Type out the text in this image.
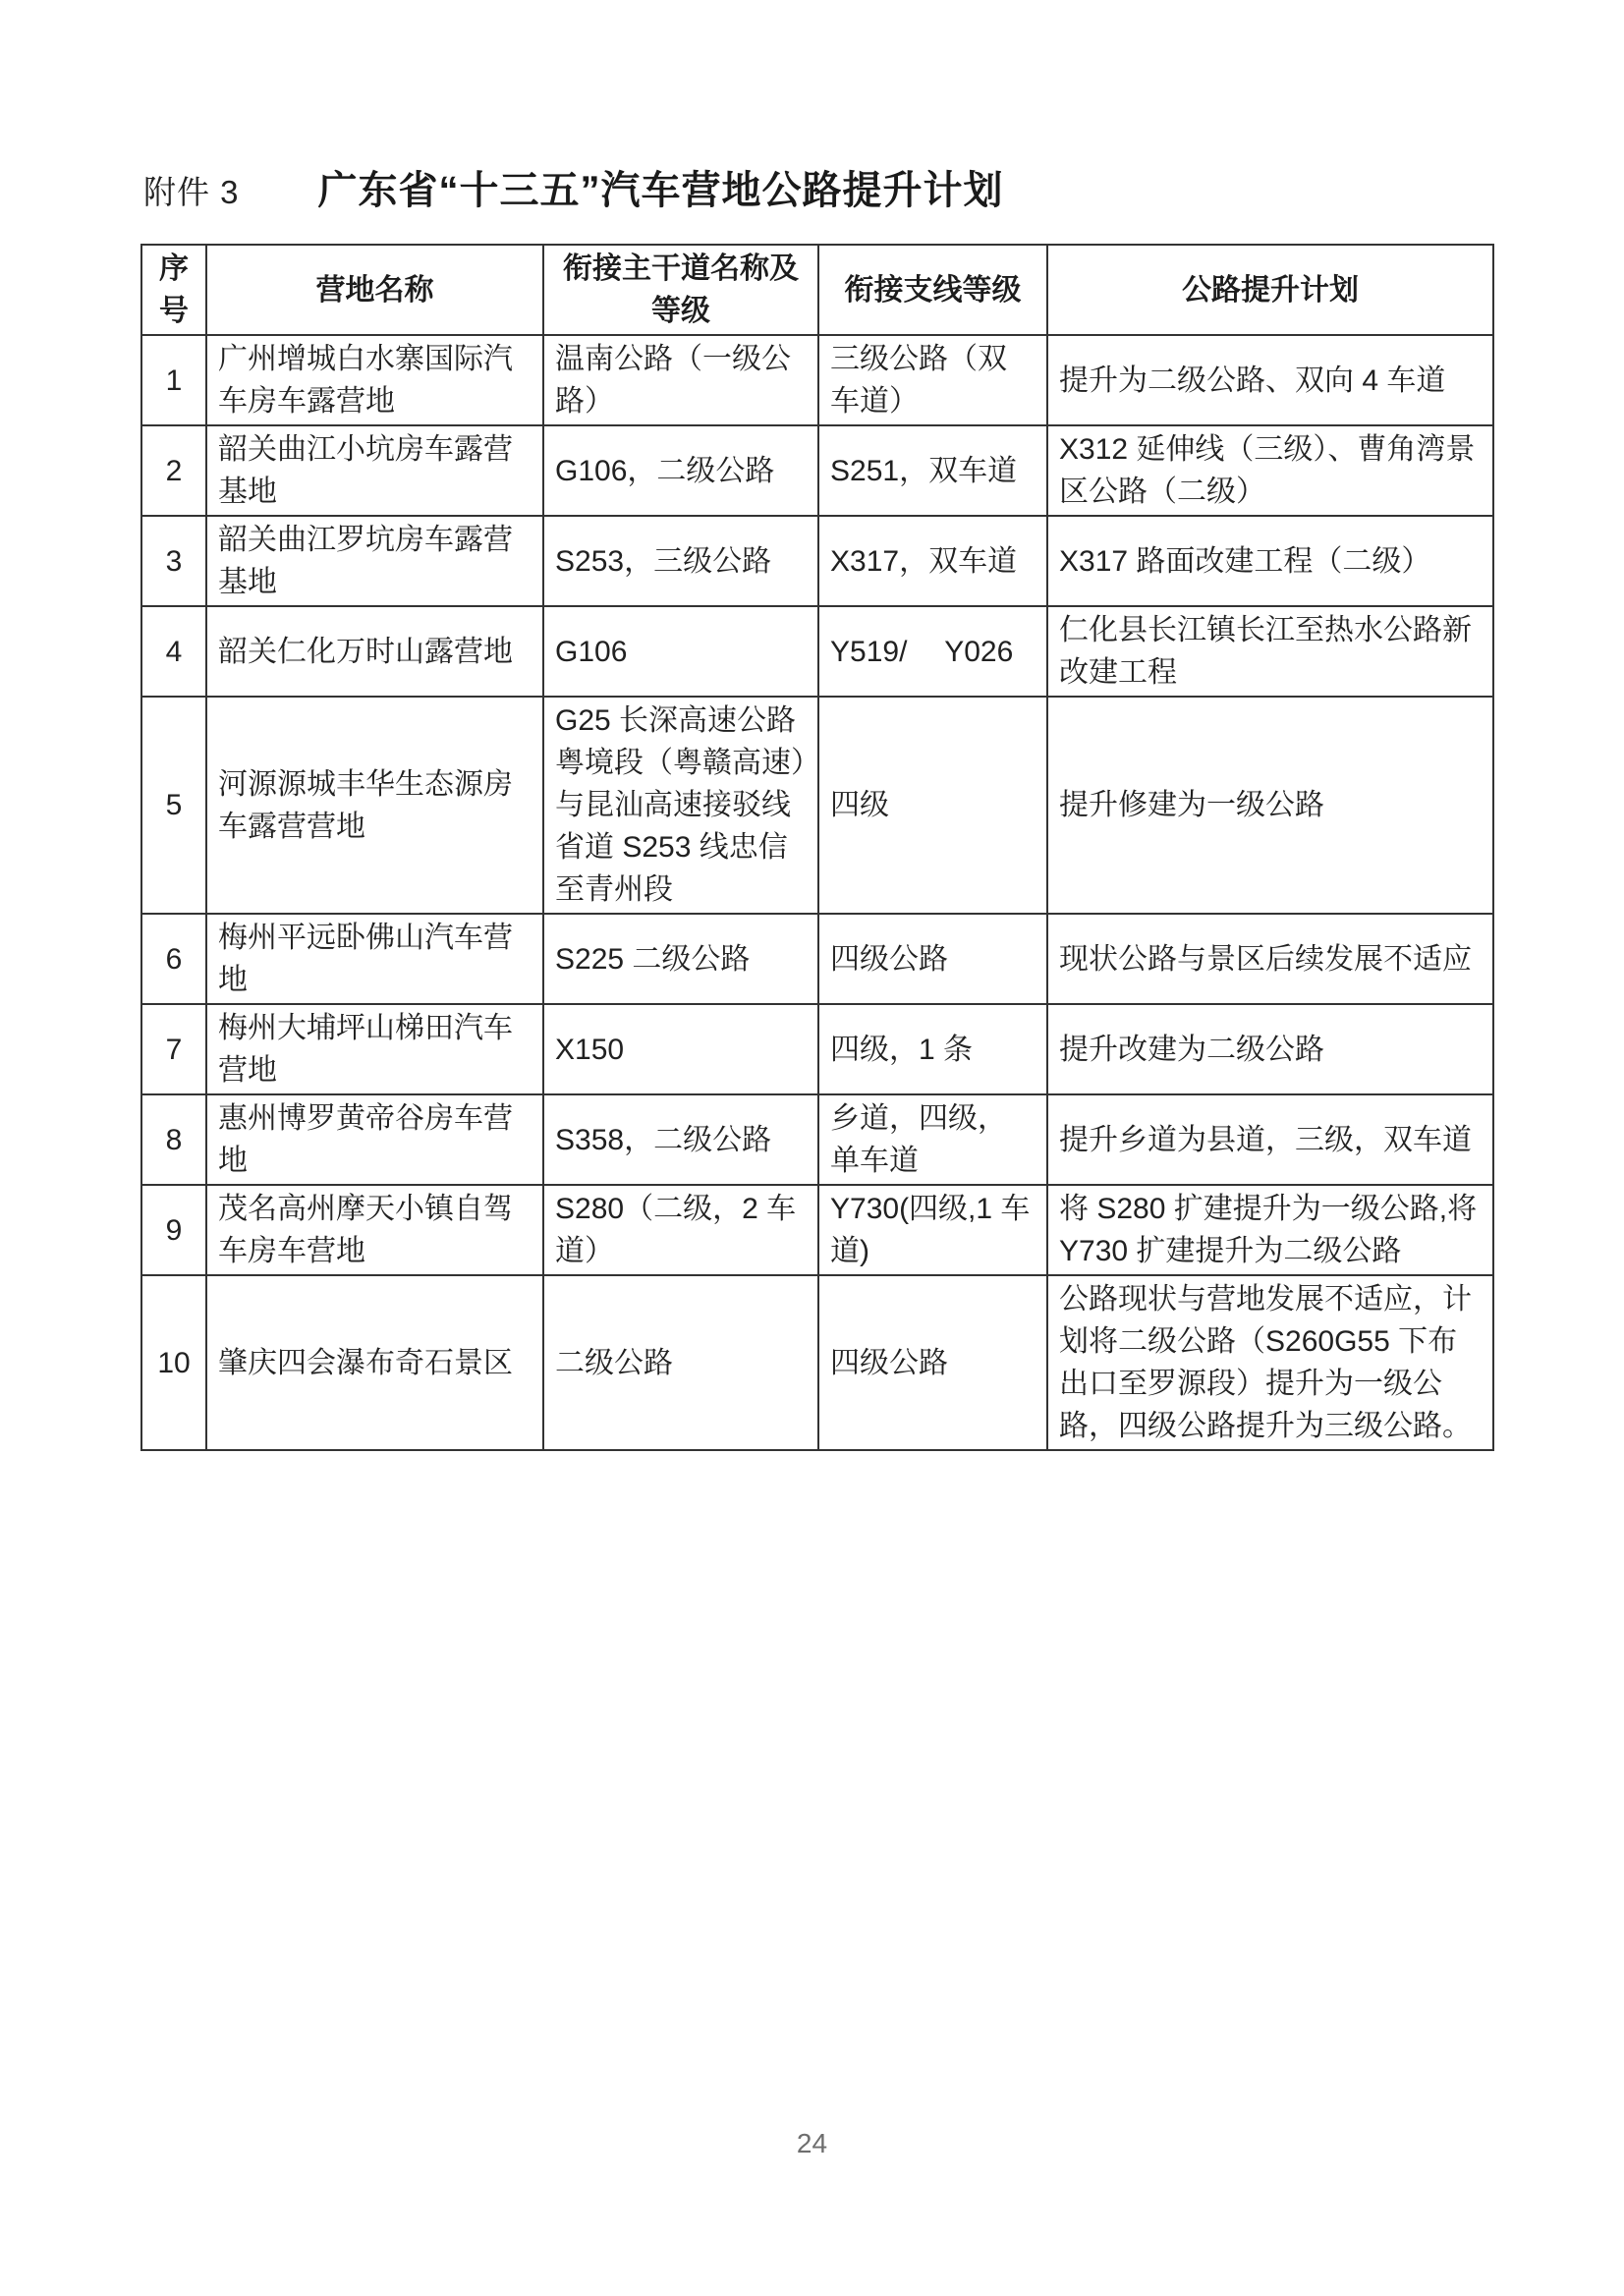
附件 3 广东省“十三五”汽车营地公路提升计划
序号	营地名称	衔接主干道名称及等级	衔接支线等级	公路提升计划
1	广州增城白水寨国际汽车房车露营地	温南公路（一级公路）	三级公路（双车道）	提升为二级公路、双向 4 车道
2	韶关曲江小坑房车露营基地	G106，二级公路	S251，双车道	X312 延伸线（三级）、曹角湾景区公路（二级）
3	韶关曲江罗坑房车露营基地	S253，三级公路	X317，双车道	X317 路面改建工程（二级）
4	韶关仁化万时山露营地	G106	Y519/　 Y026	仁化县长江镇长江至热水公路新改建工程
5	河源源城丰华生态源房车露营营地	G25 长深高速公路粤境段（粤赣高速）与昆汕高速接驳线省道 S253 线忠信至青州段	四级	提升修建为一级公路
6	梅州平远卧佛山汽车营地	S225 二级公路	四级公路	现状公路与景区后续发展不适应
7	梅州大埔坪山梯田汽车营地	X150	四级，1 条	提升改建为二级公路
8	惠州博罗黄帝谷房车营地	S358，二级公路	乡道，四级，单车道	提升乡道为县道，三级，双车道
9	茂名高州摩天小镇自驾车房车营地	S280（二级，2 车道）	Y730(四级,1 车道)	将 S280 扩建提升为一级公路,将 Y730 扩建提升为二级公路
10	肇庆四会瀑布奇石景区	二级公路	四级公路	公路现状与营地发展不适应，计划将二级公路（S260G55 下布出口至罗源段）提升为一级公路，四级公路提升为三级公路。
24
